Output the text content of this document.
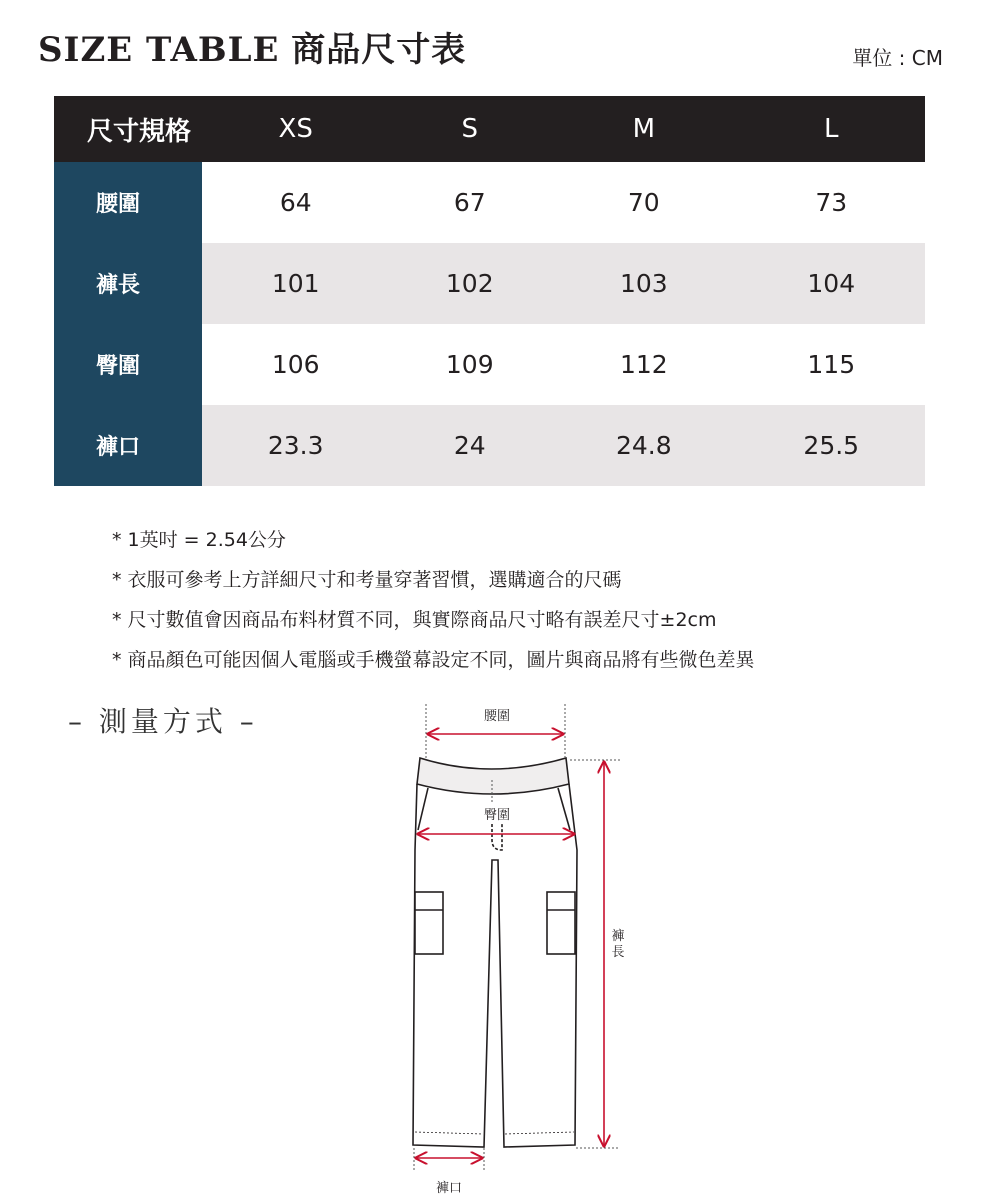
SIZE TABLE 商品尺寸表	單位 : CM
尺寸規格	XS	S	M	L
腰圍	64	67	70	73
褲長	101	102	103	104
臀圍	106	109	112	115
褲口	23.3	24	24.8	25.5
* 1英吋 = 2.54公分
* 衣服可參考上方詳細尺寸和考量穿著習慣，選購適合的尺碼
* 尺寸數值會因商品布料材質不同，與實際商品尺寸略有誤差尺寸±2cm
* 商品顏色可能因個人電腦或手機螢幕設定不同，圖片與商品將有些微色差異
– 測量方式 –	腰圍
臀圍
褲口
褲
長
